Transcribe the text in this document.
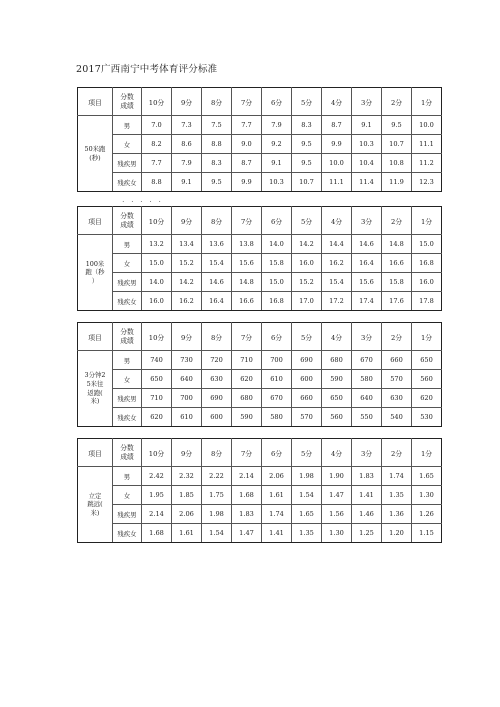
2017广西南宁中考体育评分标准
. . . . .
项目	分数
成绩	10分	9分	8分	7分	6分	5分	4分	3分	2分	1分

50米跑
(秒)	男	7.0	7.3	7.5	7.7	7.9	8.3	8.7	9.1	9.5	10.0
	女	8.2	8.6	8.8	9.0	9.2	9.5	9.9	10.3	10.7	11.1
	残疾男	7.7	7.9	8.3	8.7	9.1	9.5	10.0	10.4	10.8	11.2
	残疾女	8.8	9.1	9.5	9.9	10.3	10.7	11.1	11.4	11.9	12.3
项目	分数
成绩	10分	9分	8分	7分	6分	5分	4分	3分	2分	1分

100米
跑（秒
）	男	13.2	13.4	13.6	13.8	14.0	14.2	14.4	14.6	14.8	15.0
	女	15.0	15.2	15.4	15.6	15.8	16.0	16.2	16.4	16.6	16.8
	残疾男	14.0	14.2	14.6	14.8	15.0	15.2	15.4	15.6	15.8	16.0
	残疾女	16.0	16.2	16.4	16.6	16.8	17.0	17.2	17.4	17.6	17.8
项目	分数
成绩	10分	9分	8分	7分	6分	5分	4分	3分	2分	1分

3分钟2
5米往
返跑(
米)	男	740	730	720	710	700	690	680	670	660	650
	女	650	640	630	620	610	600	590	580	570	560
	残疾男	710	700	690	680	670	660	650	640	630	620
	残疾女	620	610	600	590	580	570	560	550	540	530
项目	分数
成绩	10分	9分	8分	7分	6分	5分	4分	3分	2分	1分

立定
跳远(
米)	男	2.42	2.32	2.22	2.14	2.06	1.98	1.90	1.83	1.74	1.65
	女	1.95	1.85	1.75	1.68	1.61	1.54	1.47	1.41	1.35	1.30
	残疾男	2.14	2.06	1.98	1.83	1.74	1.65	1.56	1.46	1.36	1.26
	残疾女	1.68	1.61	1.54	1.47	1.41	1.35	1.30	1.25	1.20	1.15
